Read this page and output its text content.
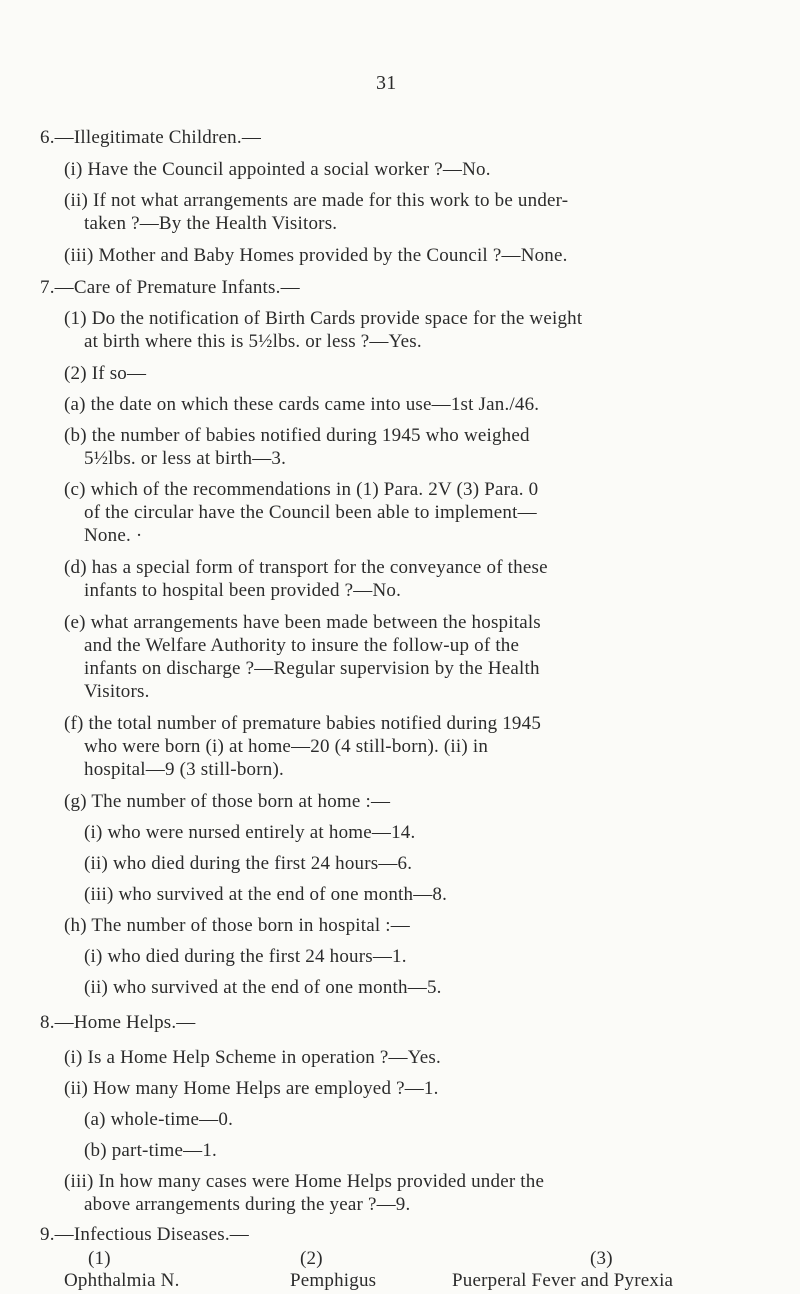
31
6.—Illegitimate Children.—
(i) Have the Council appointed a social worker ?—No.
(ii) If not what arrangements are made for this work to be under-
taken ?—By the Health Visitors.
(iii) Mother and Baby Homes provided by the Council ?—None.
7.—Care of Premature Infants.—
(1) Do the notification of Birth Cards provide space for the weight
at birth where this is 5½lbs. or less ?—Yes.
(2) If so—
(a) the date on which these cards came into use—1st Jan./46.
(b) the number of babies notified during 1945 who weighed
5½lbs. or less at birth—3.
(c) which of the recommendations in (1) Para. 2V (3) Para. 0
of the circular have the Council been able to implement—
None. ·
(d) has a special form of transport for the conveyance of these
infants to hospital been provided ?—No.
(e) what arrangements have been made between the hospitals
and the Welfare Authority to insure the follow-up of the
infants on discharge ?—Regular supervision by the Health
Visitors.
(f) the total number of premature babies notified during 1945
who were born (i) at home—20 (4 still-born). (ii) in
hospital—9 (3 still-born).
(g) The number of those born at home :—
(i) who were nursed entirely at home—14.
(ii) who died during the first 24 hours—6.
(iii) who survived at the end of one month—8.
(h) The number of those born in hospital :—
(i) who died during the first 24 hours—1.
(ii) who survived at the end of one month—5.
8.—Home Helps.—
(i) Is a Home Help Scheme in operation ?—Yes.
(ii) How many Home Helps are employed ?—1.
(a) whole-time—0.
(b) part-time—1.
(iii) In how many cases were Home Helps provided under the
above arrangements during the year ?—9.
9.—Infectious Diseases.—
(1)	(2)	(3)
Ophthalmia N.	Pemphigus	Puerperal Fever and Pyrexia
